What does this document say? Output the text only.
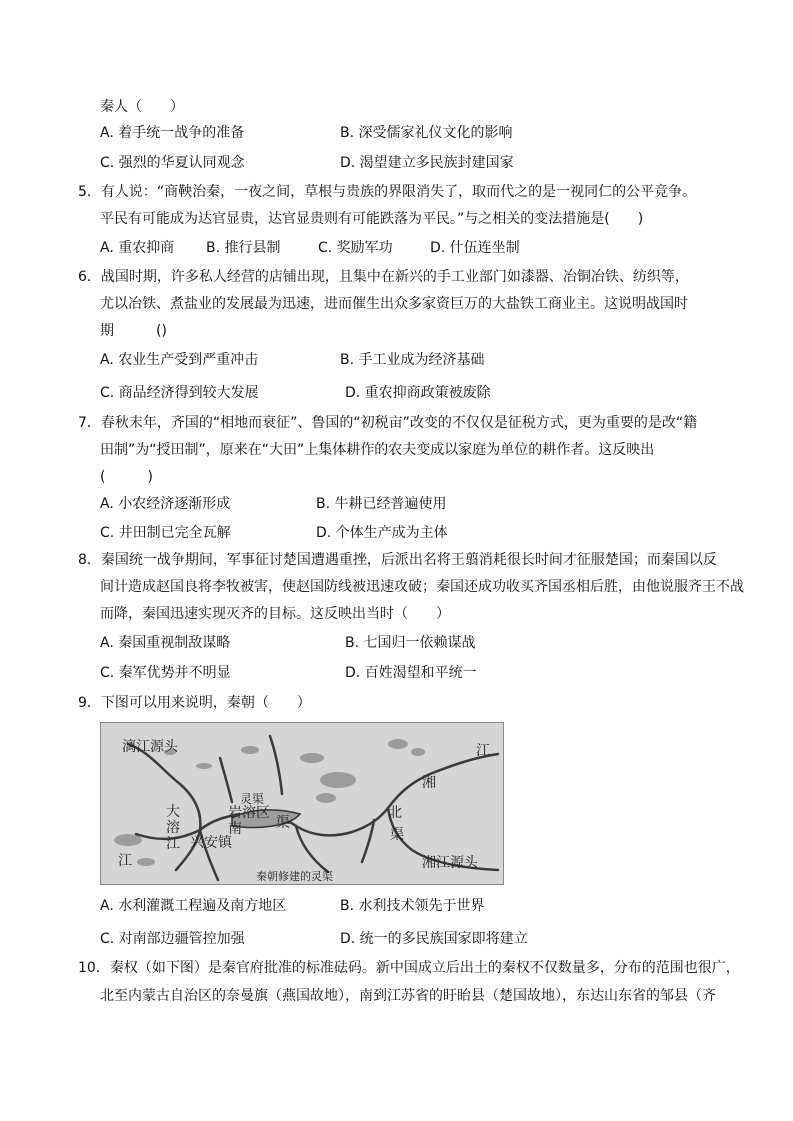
秦人（　　）
A. 着手统一战争的准备	B. 深受儒家礼仪文化的影响
C. 强烈的华夏认同观念	D. 渴望建立多民族封建国家
5．有人说：“商鞅治秦，一夜之间，草根与贵族的界限消失了，取而代之的是一视同仁的公平竞争。
平民有可能成为达官显贵，达官显贵则有可能跌落为平民。”与之相关的变法措施是(　　)
A. 重农抑商 B. 推行县制	C. 奖励军功	D. 什伍连坐制
6．战国时期，许多私人经营的店铺出现，且集中在新兴的手工业部门如漆器、冶铜冶铁、纺织等，
尤以冶铁、煮盐业的发展最为迅速，进而催生出众多家资巨万的大盐铁工商业主。这说明战国时
期　　　()
A. 农业生产受到严重冲击	B. 手工业成为经济基础
C. 商品经济得到较大发展	D. 重农抑商政策被废除
7．春秋末年，齐国的“相地而衰征”、鲁国的“初税亩”改变的不仅仅是征税方式，更为重要的是改“籍
田制”为“授田制”，原来在“大田”上集体耕作的农夫变成以家庭为单位的耕作者。这反映出
(　　　)
A. 小农经济逐渐形成	B. 牛耕已经普遍使用
C. 井田制已完全瓦解	D. 个体生产成为主体
8．秦国统一战争期间，军事征讨楚国遭遇重挫，后派出名将王翦消耗很长时间才征服楚国；而秦国以反
间计造成赵国良将李牧被害，使赵国防线被迅速攻破；秦国还成功收买齐国丞相后胜，由他说服齐王不战
而降，秦国迅速实现灭齐的目标。这反映出当时（　　）
A. 秦国重视制敌谋略	B. 七国归一依赖谋战
C. 秦军优势并不明显	D. 百姓渴望和平统一
9．下图可以用来说明，秦朝（　　）
漓江源头	江
湘
湘江源头
北
渠
南 渠
灵渠
岩溶区
兴安镇
大溶江
江
秦朝修建的灵渠
A. 水利灌溉工程遍及南方地区	B. 水利技术领先于世界
C. 对南部边疆管控加强	D. 统一的多民族国家即将建立
10．秦权（如下图）是秦官府批准的标准砝码。新中国成立后出土的秦权不仅数量多，分布的范围也很广，
北至内蒙古自治区的奈曼旗（燕国故地），南到江苏省的盱眙县（楚国故地），东达山东省的邹县（齐
